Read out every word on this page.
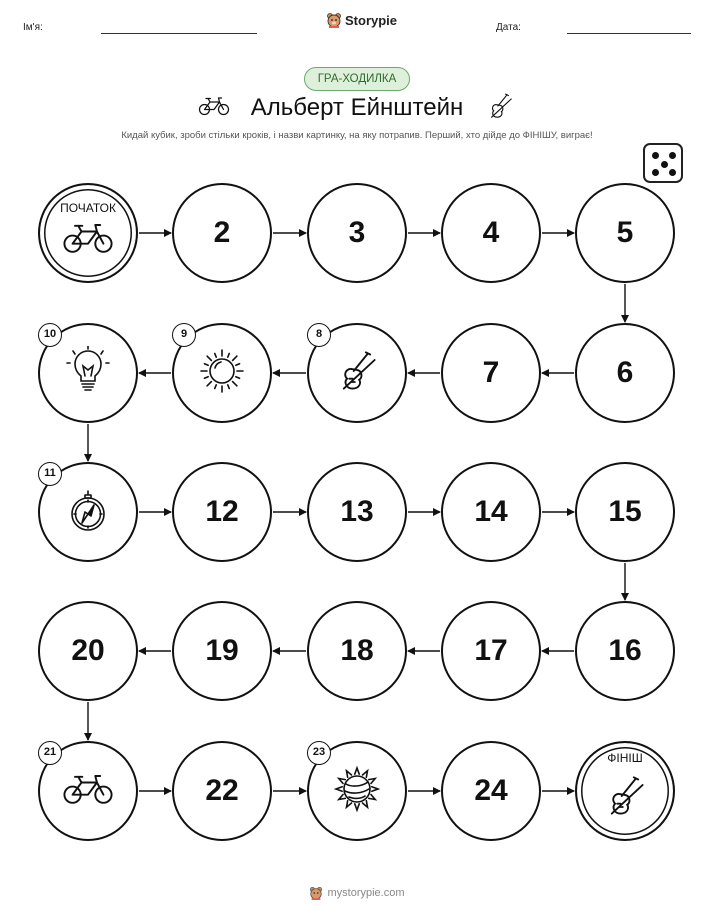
Ім'я:	Storypie	Дата:
ГРА-ХОДИЛКА
Альберт Ейнштейн
Кидай кубик, зроби стільки кроків, і назви картинку, на яку потрапив. Перший, хто дійде до ФІНІШУ, виграє!
ПОЧАТОК
2	3	4	5
6
7
8
9
10
11
12	13	14	15
16
17
18
19
20
21
22
23
24
ФІНІШ
mystorypie.com
